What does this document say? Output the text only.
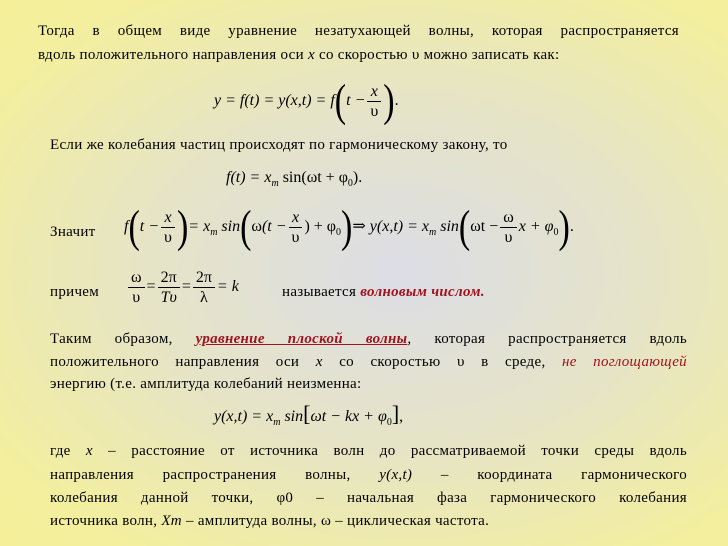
Тогда в общем виде уравнение незатухающей волны, которая распространяется
вдоль положительного направления оси x со скоростью υ можно записать как:
$y = f(t) = y(x,t) = f(t - \frac{x}{\upsilon}$ ).
Если же колебания частиц происходят по гармоническому закону, то
$f(t) = x_m$ $\sin(\omega t + \varphi_0)$.
Значит $f(t - \frac{x}{\upsilon}$ )= $x_m$ $\sin(\omega(t - \frac{x}{\upsilon}$ ) + $\varphi_0)\Rightarrow$ $y(x,t) = x_m$ $\sin(\omega t - \frac{\omega}{\upsilon}$ $x + \varphi_0$).
причем $\frac{\omega}{\upsilon} = \frac{2\pi}{T\upsilon} = \frac{2\pi}{\lambda} = k$	называется волновым числом.
Таким образом, уравнение плоской волны, которая распространяется вдоль
положительного направления оси x со скоростью υ в среде, не поглощающей
энергию (т.е. амплитуда колебаний неизменна:
$y(x,t) = x_m$ sin[ωt − kx + $\varphi_0$],
где x – расстояние от источника волн до рассматриваемой точки среды вдоль
направления распространения волны, y(x,t) – координата гармонического
колебания данной точки, φ0 – начальная фаза гармонического колебания
источника волн, Xm – амплитуда волны, ω – циклическая частота.
